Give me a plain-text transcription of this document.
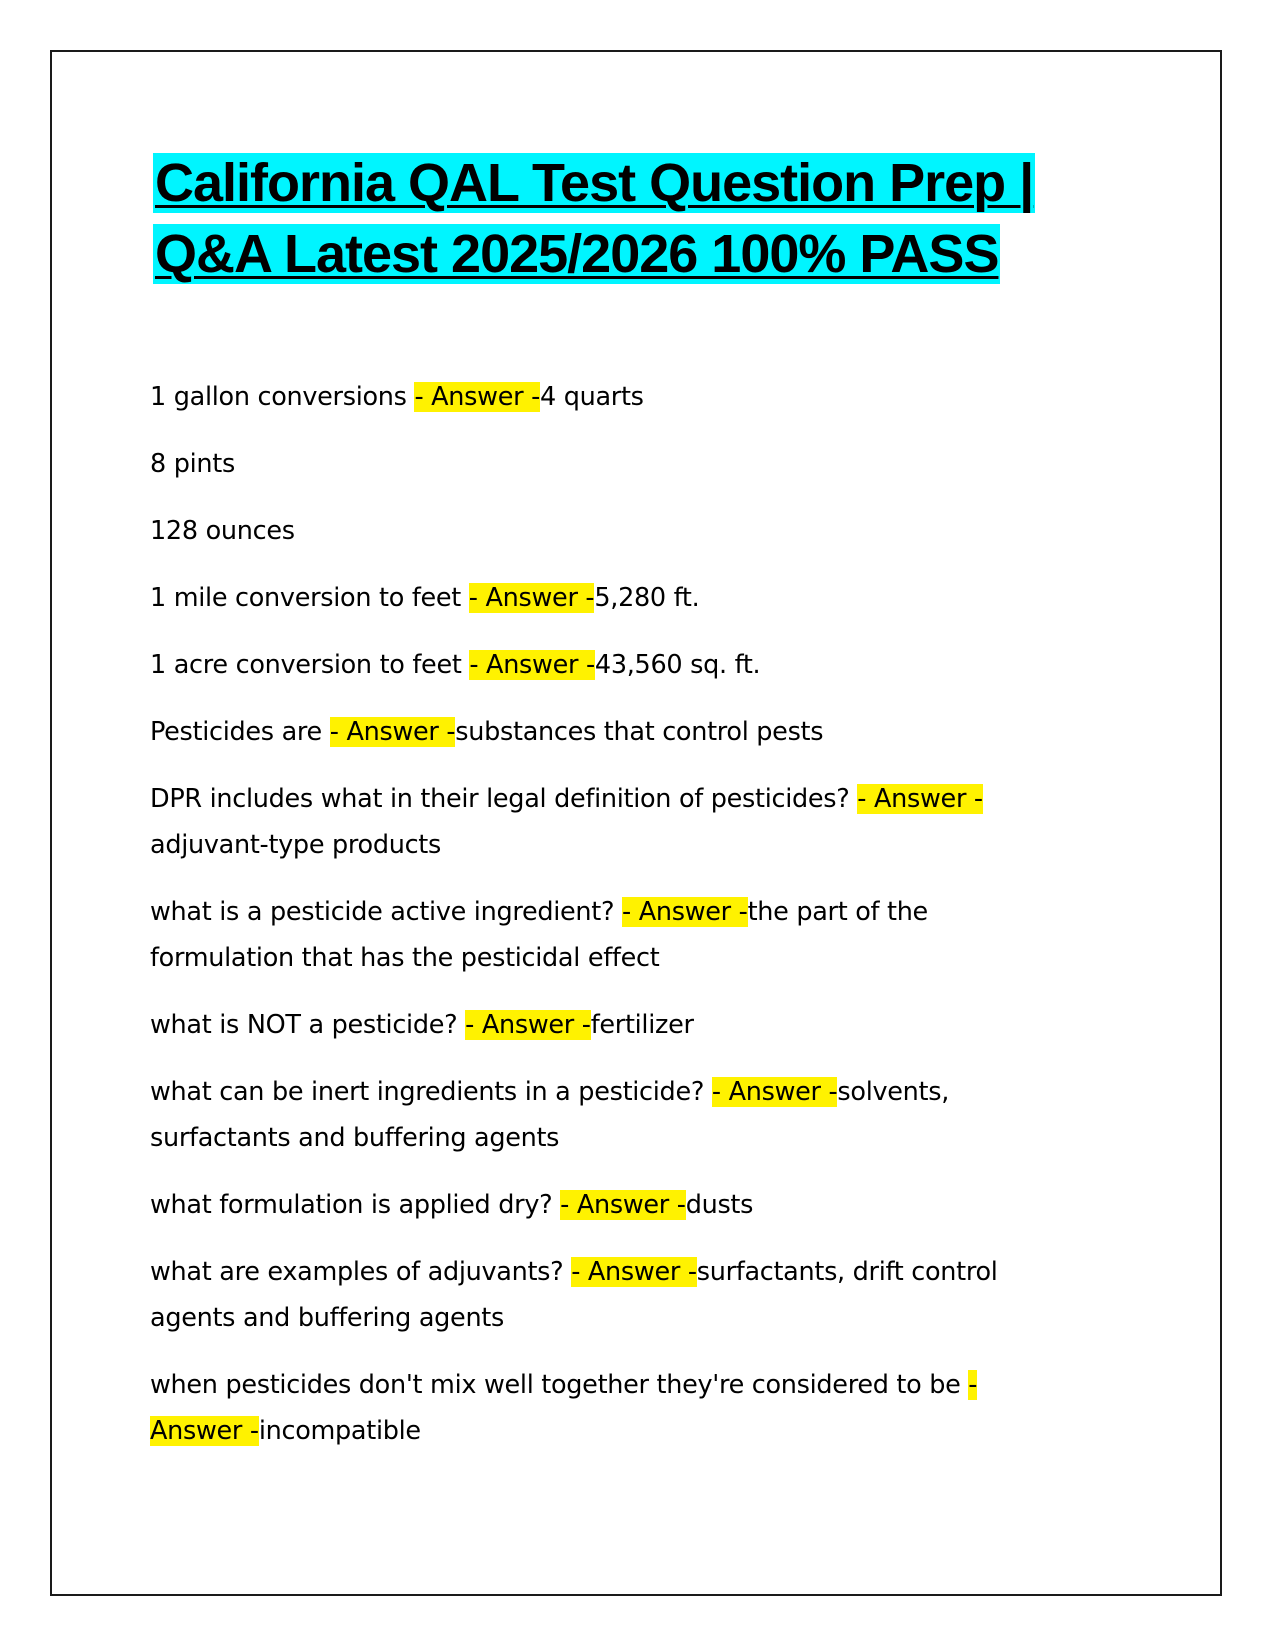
California QAL Test Question Prep |
Q&A Latest 2025/2026 100% PASS
1 gallon conversions - Answer -4 quarts
8 pints
128 ounces
1 mile conversion to feet - Answer -5,280 ft.
1 acre conversion to feet - Answer -43,560 sq. ft.
Pesticides are - Answer -substances that control pests
DPR includes what in their legal definition of pesticides? - Answer -
adjuvant-type products
what is a pesticide active ingredient? - Answer -the part of the formulation that has the pesticidal effect
what is NOT a pesticide? - Answer -fertilizer
what can be inert ingredients in a pesticide? - Answer -solvents, surfactants and buffering agents
what formulation is applied dry? - Answer -dusts
what are examples of adjuvants? - Answer -surfactants, drift control agents and buffering agents
when pesticides don't mix well together they're considered to be - Answer -incompatible
